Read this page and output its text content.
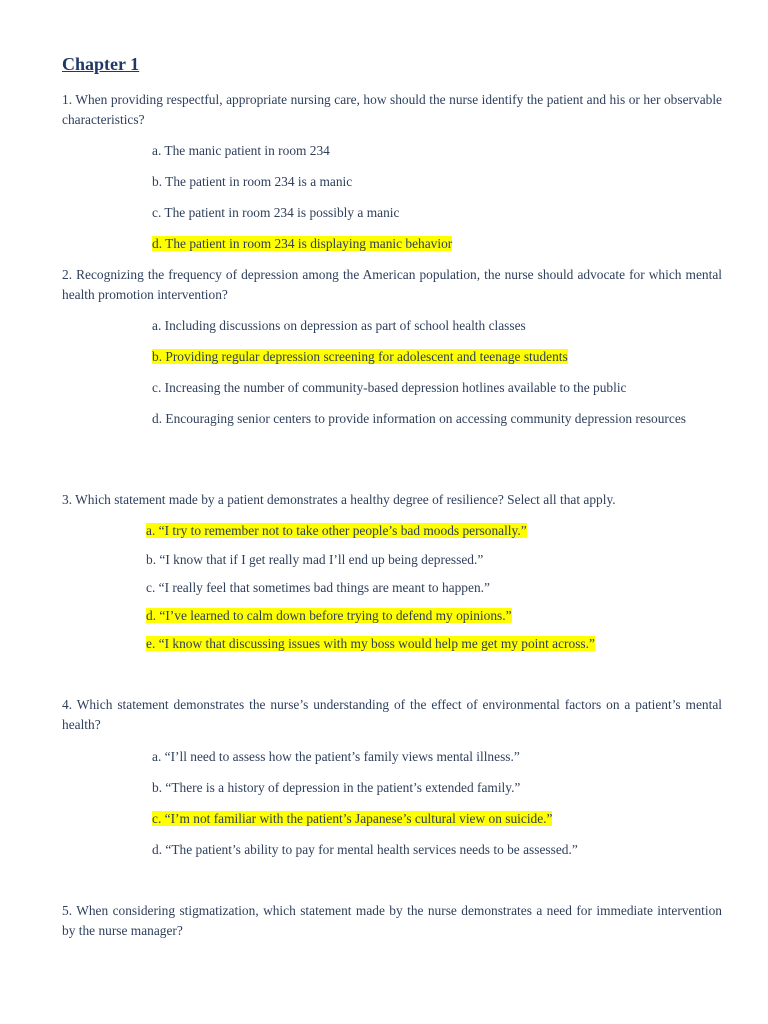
Chapter 1
1. When providing respectful, appropriate nursing care, how should the nurse identify the patient and his or her observable characteristics?
a. The manic patient in room 234
b. The patient in room 234 is a manic
c. The patient in room 234 is possibly a manic
d. The patient in room 234 is displaying manic behavior
2. Recognizing the frequency of depression among the American population, the nurse should advocate for which mental health promotion intervention?
a. Including discussions on depression as part of school health classes
b. Providing regular depression screening for adolescent and teenage students
c. Increasing the number of community-based depression hotlines available to the public
d. Encouraging senior centers to provide information on accessing community depression resources
3. Which statement made by a patient demonstrates a healthy degree of resilience? Select all that apply.
a. “I try to remember not to take other people’s bad moods personally.”
b. “I know that if I get really mad I’ll end up being depressed.”
c. “I really feel that sometimes bad things are meant to happen.”
d. “I’ve learned to calm down before trying to defend my opinions.”
e. “I know that discussing issues with my boss would help me get my point across.”
4. Which statement demonstrates the nurse’s understanding of the effect of environmental factors on a patient’s mental health?
a. “I’ll need to assess how the patient’s family views mental illness.”
b. “There is a history of depression in the patient’s extended family.”
c. “I’m not familiar with the patient’s Japanese’s cultural view on suicide.”
d. “The patient’s ability to pay for mental health services needs to be assessed.”
5. When considering stigmatization, which statement made by the nurse demonstrates a need for immediate intervention by the nurse manager?
